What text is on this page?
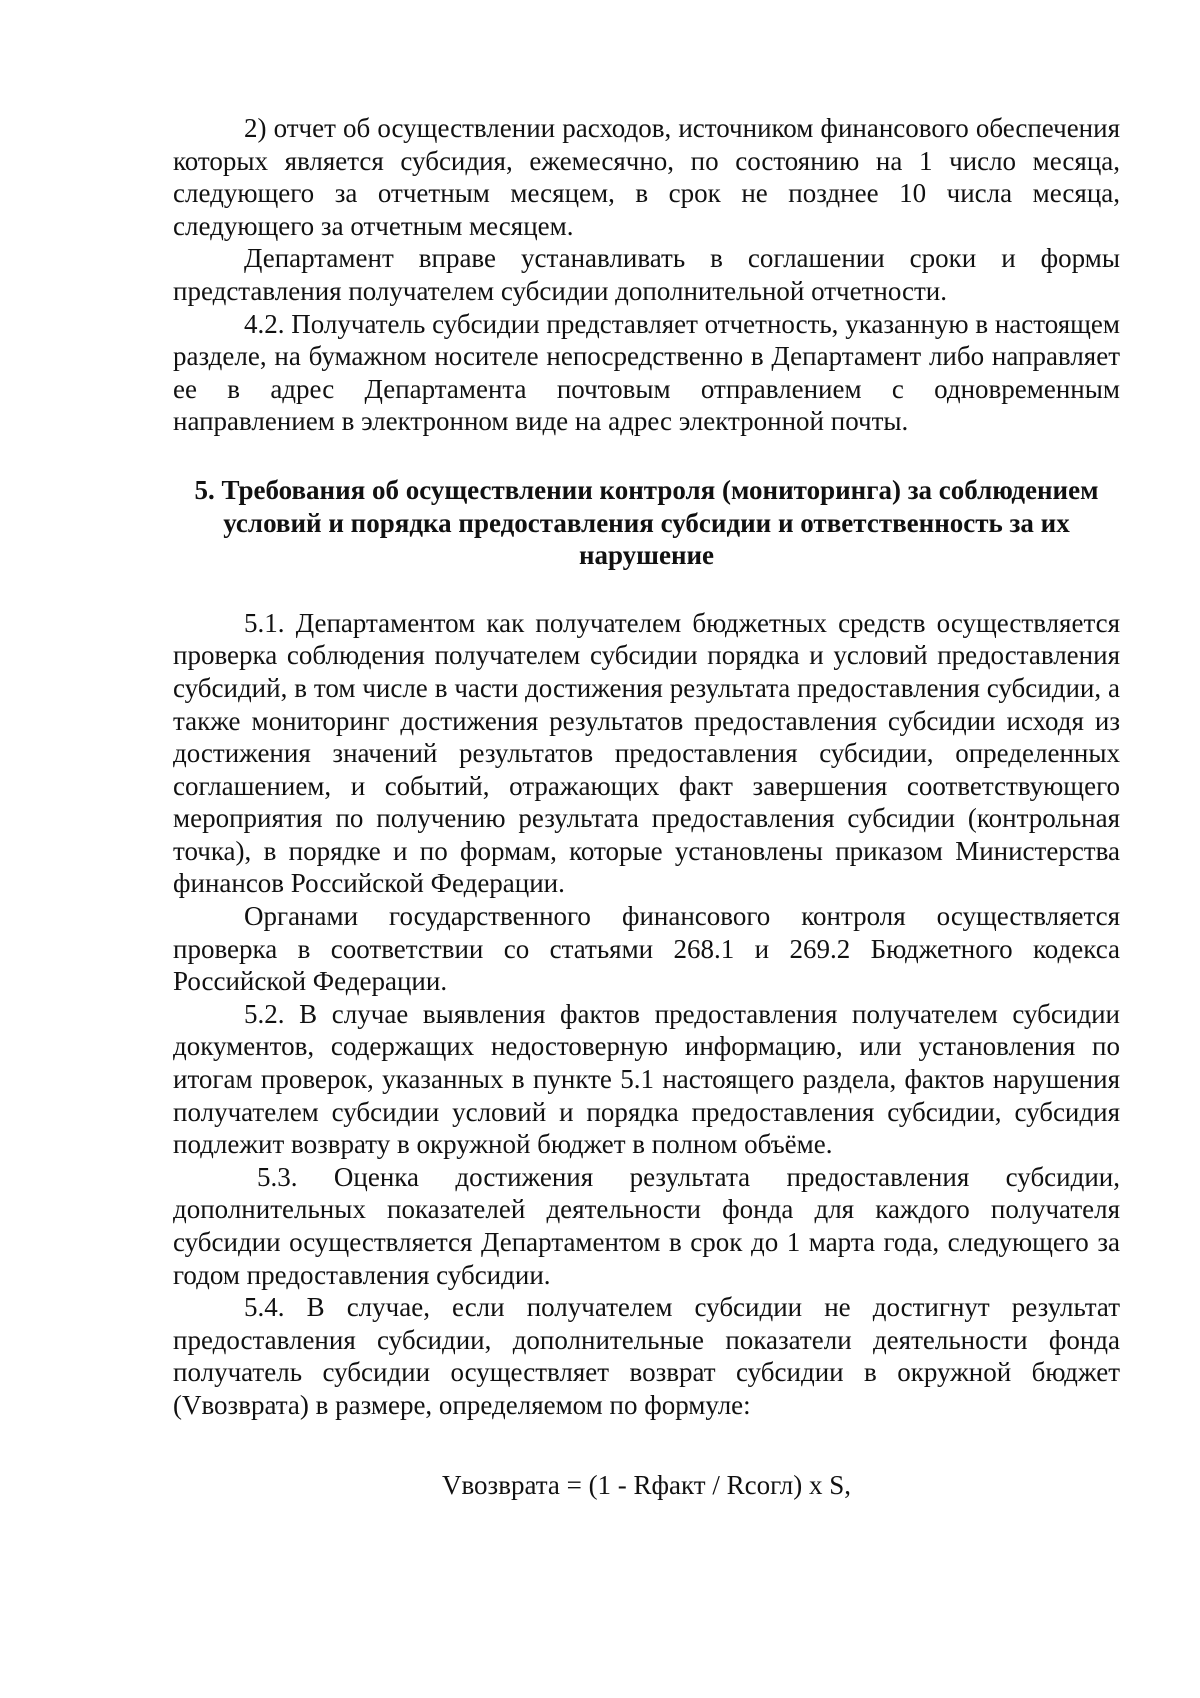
2) отчет об осуществлении расходов, источником финансового обеспечения которых является субсидия, ежемесячно, по состоянию на 1 число месяца, следующего за отчетным месяцем, в срок не позднее 10 числа месяца, следующего за отчетным месяцем.

Департамент вправе устанавливать в соглашении сроки и формы представления получателем субсидии дополнительной отчетности.

4.2. Получатель субсидии представляет отчетность, указанную в настоящем разделе, на бумажном носителе непосредственно в Департамент либо направляет ее в адрес Департамента почтовым отправлением с одновременным направлением в электронном виде на адрес электронной почты.

5. Требования об осуществлении контроля (мониторинга) за соблюдением условий и порядка предоставления субсидии и ответственность за их нарушение

5.1. Департаментом как получателем бюджетных средств осуществляется проверка соблюдения получателем субсидии порядка и условий предоставления субсидий, в том числе в части достижения результата предоставления субсидии, а также мониторинг достижения результатов предоставления субсидии исходя из достижения значений результатов предоставления субсидии, определенных соглашением, и событий, отражающих факт завершения соответствующего мероприятия по получению результата предоставления субсидии (контрольная точка), в порядке и по формам, которые установлены приказом Министерства финансов Российской Федерации.

Органами государственного финансового контроля осуществляется проверка в соответствии со статьями 268.1 и 269.2 Бюджетного кодекса Российской Федерации.

5.2. В случае выявления фактов предоставления получателем субсидии документов, содержащих недостоверную информацию, или установления по итогам проверок, указанных в пункте 5.1 настоящего раздела, фактов нарушения получателем субсидии условий и порядка предоставления субсидии, субсидия подлежит возврату в окружной бюджет в полном объёме.

5.3. Оценка достижения результата предоставления субсидии, дополнительных показателей деятельности фонда для каждого получателя субсидии осуществляется Департаментом в срок до 1 марта года, следующего за годом предоставления субсидии.

5.4. В случае, если получателем субсидии не достигнут результат предоставления субсидии, дополнительные показатели деятельности фонда получатель субсидии осуществляет возврат субсидии в окружной бюджет (Vвозврата) в размере, определяемом по формуле:

Vвозврата = (1 - Rфакт / Rсогл) x S,
